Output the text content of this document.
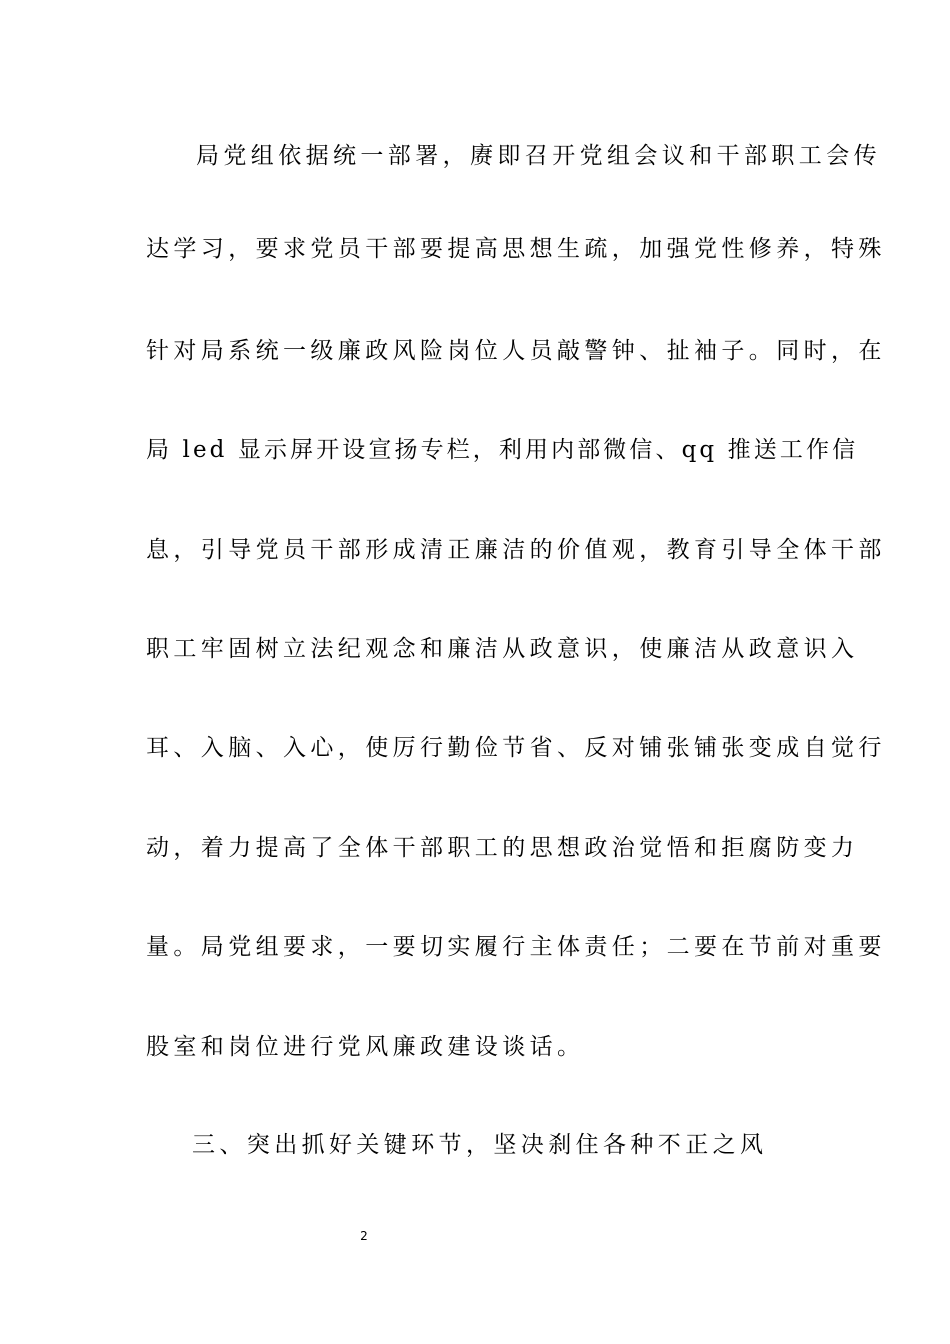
局党组依据统一部署，赓即召开党组会议和干部职工会传
达学习，要求党员干部要提高思想生疏，加强党性修养，特殊
针对局系统一级廉政风险岗位人员敲警钟、扯袖子。同时，在
局 led 显示屏开设宣扬专栏，利用内部微信、qq 推送工作信
息，引导党员干部形成清正廉洁的价值观，教育引导全体干部
职工牢固树立法纪观念和廉洁从政意识，使廉洁从政意识入
耳、入脑、入心，使厉行勤俭节省、反对铺张铺张变成自觉行
动，着力提高了全体干部职工的思想政治觉悟和拒腐防变力
量。局党组要求，一要切实履行主体责任；二要在节前对重要
股室和岗位进行党风廉政建设谈话。
三、突出抓好关键环节，坚决刹住各种不正之风
2
